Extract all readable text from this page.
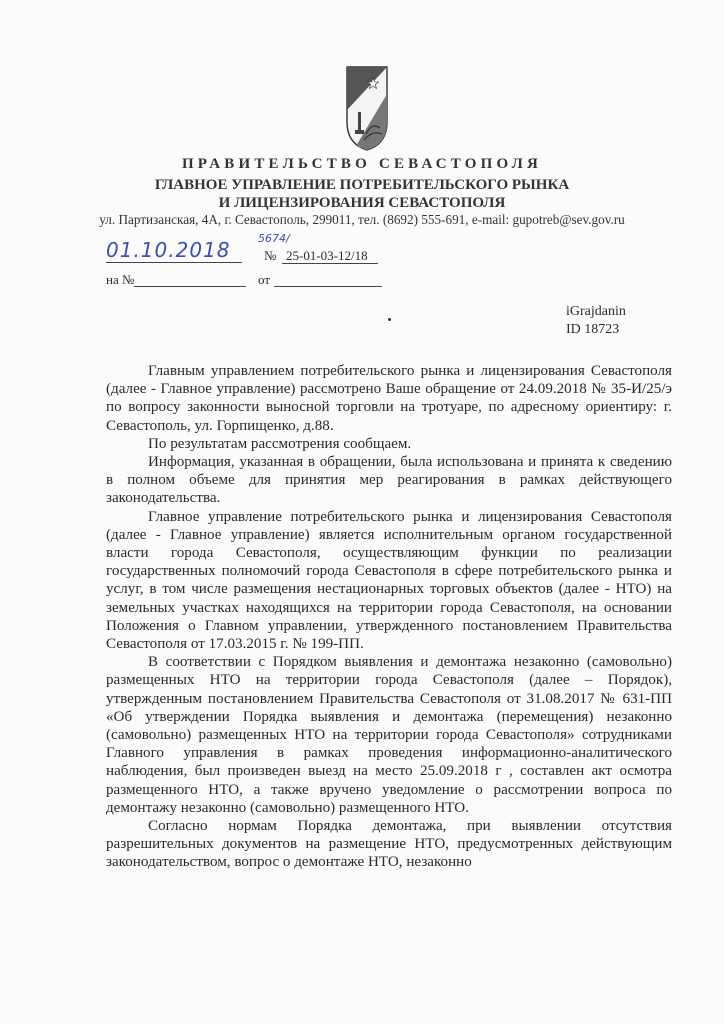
ПРАВИТЕЛЬСТВО СЕВАСТОПОЛЯ
ГЛАВНОЕ УПРАВЛЕНИЕ ПОТРЕБИТЕЛЬСКОГО РЫНКА
И ЛИЦЕНЗИРОВАНИЯ СЕВАСТОПОЛЯ
ул. Партизанская, 4А, г. Севастополь, 299011, тел. (8692) 555-691, e-mail: gupotreb@sev.gov.ru
01.10.2018 5674/
№ 25-01-03-12/18
на №	от
iGrajdanin
ID 18723

Главным управлением потребительского рынка и лицензирования Севастополя (далее - Главное управление) рассмотрено Ваше обращение от 24.09.2018 № 35-И/25/э по вопросу законности выносной торговли на тротуаре, по адресному ориентиру: г. Севастополь, ул. Горпищенко, д.88.

По результатам рассмотрения сообщаем.

Информация, указанная в обращении, была использована и принята к сведению в полном объеме для принятия мер реагирования в рамках действующего законодательства.

Главное управление потребительского рынка и лицензирования Севастополя (далее - Главное управление) является исполнительным органом государственной власти города Севастополя, осуществляющим функции по реализации государственных полномочий города Севастополя в сфере потребительского рынка и услуг, в том числе размещения нестационарных торговых объектов (далее - НТО) на земельных участках находящихся на территории города Севастополя, на основании Положения о Главном управлении, утвержденного постановлением Правительства Севастополя от 17.03.2015 г. № 199-ПП.

В соответствии с Порядком выявления и демонтажа незаконно (самовольно) размещенных НТО на территории города Севастополя (далее – Порядок), утвержденным постановлением Правительства Севастополя от 31.08.2017 № 631-ПП «Об утверждении Порядка выявления и демонтажа (перемещения) незаконно (самовольно) размещенных НТО на территории города Севастополя» сотрудниками Главного управления в рамках проведения информационно-аналитического наблюдения, был произведен выезд на место 25.09.2018 г , составлен акт осмотра размещенного НТО, а также вручено уведомление о рассмотрении вопроса по демонтажу незаконно (самовольно) размещенного НТО.

Согласно нормам Порядка демонтажа, при выявлении отсутствия разрешительных документов на размещение НТО, предусмотренных действующим законодательством, вопрос о демонтаже НТО, незаконно
